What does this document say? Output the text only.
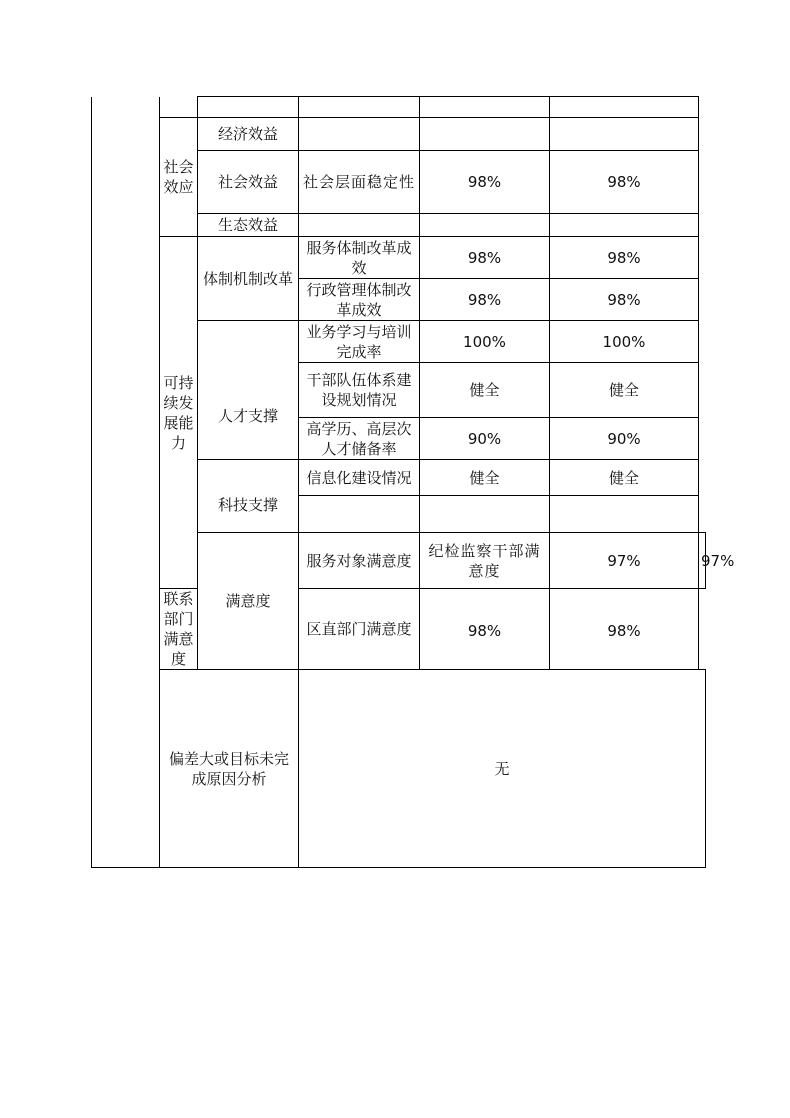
	社会效应	经济效益				
		社会效益	社会层面稳定性	98%	98%	
		生态效益				
	可持续发展能力	体制机制改革	服务体制改革成效	98%	98%	
			行政管理体制改革成效	98%	98%	
		人才支撑	业务学习与培训完成率	100%	100%	
			干部队伍体系建设规划情况	健全	健全	
			高学历、高层次人才储备率	90%	90%	
		科技支撑	信息化建设情况	健全	健全	

		满意度	服务对象满意度	纪检监察干部满意度	97%	97%
	联系部门满意度		区直部门满意度	98%	98%	
	偏差大或目标未完成原因分析		无			
